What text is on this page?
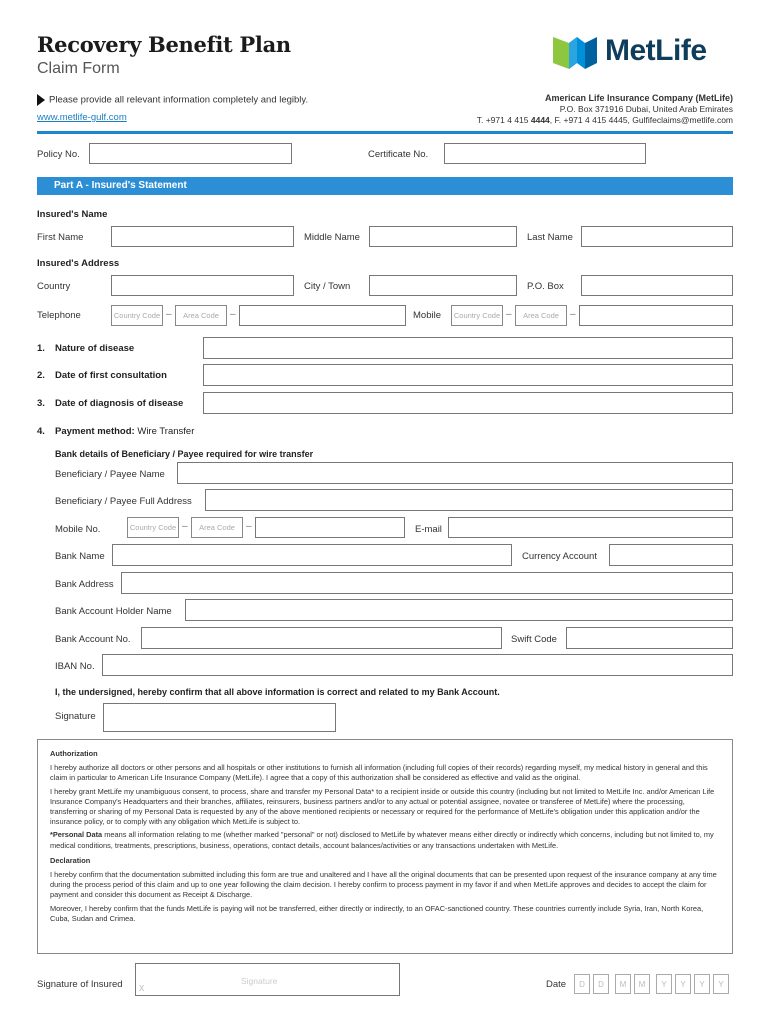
Recovery Benefit Plan
Claim Form
MetLife
Please provide all relevant information completely and legibly.
www.metlife-gulf.com
American Life Insurance Company (MetLife)
P.O. Box 371916 Dubai, United Arab Emirates
T. +971 4 415 4444, F. +971 4 415 4445, Gulfifeclaims@metlife.com
Policy No.	Certificate No.
Part A - Insured's Statement
Insured's Name
First Name	Middle Name	Last Name
Insured's Address
Country	City / Town	P.O. Box
Telephone	Country Code –	Area Code	–	Mobile	Country Code –	Area Code	–
1. Nature of disease
2. Date of first consultation
3. Date of diagnosis of disease
4. Payment method: Wire Transfer
Bank details of Beneficiary / Payee required for wire transfer
Beneficiary / Payee Name
Beneficiary / Payee Full Address
Mobile No.	Country Code –	Area Code	–	E-mail
Bank Name	Currency Account
Bank Address
Bank Account Holder Name
Bank Account No.	Swift Code
IBAN No.
I, the undersigned, hereby confirm that all above information is correct and related to my Bank Account.
Signature

Authorization

I hereby authorize all doctors or other persons and all hospitals or other institutions to furnish all information (including full copies of their records) regarding myself, my medical history in general and this claim in particular to American Life Insurance Company (MetLife). I agree that a copy of this authorization shall be considered as effective and valid as the original.

I hereby grant MetLife my unambiguous consent, to process, share and transfer my Personal Data* to a recipient inside or outside this country (including but not limited to MetLife Inc. and/or American Life Insurance Company's Headquarters and their branches, affiliates, reinsurers, business partners and/or to any actual or potential assignee, novatee or transferee of MetLife) where the processing, transferring or sharing of my Personal Data is requested by any of the above mentioned recipients or necessary or required for the performance of MetLife's obligation under this application and/or the insurance policy, or to comply with any obligation which MetLife is subject to.

*Personal Data means all information relating to me (whether marked "personal" or not) disclosed to MetLife by whatever means either directly or indirectly which concerns, including but not limited to, my medical conditions, treatments, prescriptions, business, operations, contact details, account balances/activities or any transactions undertaken with MetLife.

Declaration

I hereby confirm that the documentation submitted including this form are true and unaltered and I have all the original documents that can be presented upon request of the insurance company at any time during the process period of this claim and up to one year following the claim decision. I hereby confirm to process payment in my favor if and when MetLife approves and decides to accept the claim for payment and consider this document as Receipt & Discharge.

Moreover, I hereby confirm that the funds MetLife is paying will not be transferred, either directly or indirectly, to an OFAC-sanctioned country. These countries currently include Syria, Iran, North Korea, Cuba, Sudan and Crimea.

Signature of Insured X
Signature	Date	D	D	M	M	Y	Y	Y	Y
